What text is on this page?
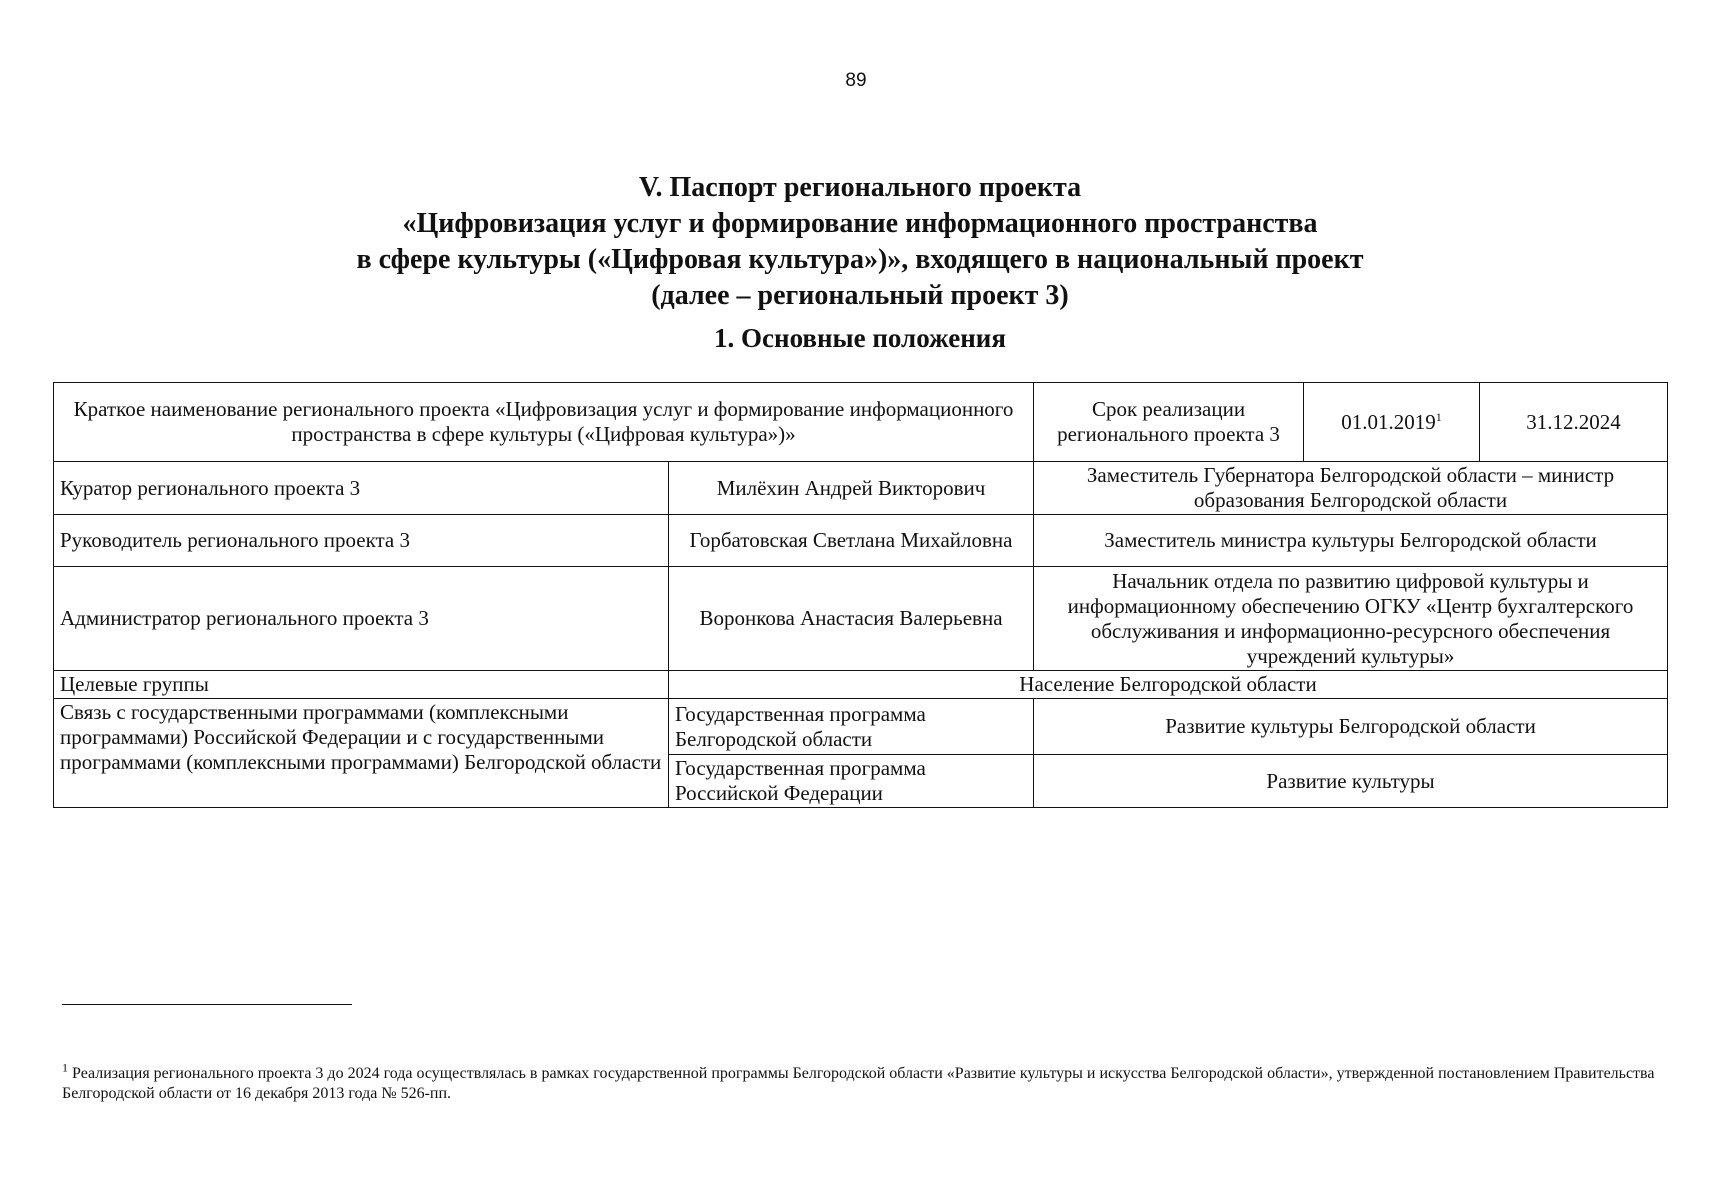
89
V. Паспорт регионального проекта
«Цифровизация услуг и формирование информационного пространства
в сфере культуры («Цифровая культура»)», входящего в национальный проект
(далее – региональный проект 3)
1. Основные положения
Краткое наименование регионального проекта «Цифровизация услуг и формирование информационного пространства в сфере культуры («Цифровая культура»)»		Срок реализации регионального проекта 3	01.01.2019$^1$	31.12.2024
Куратор регионального проекта 3	Милёхин Андрей Викторович	Заместитель Губернатора Белгородской области – министр образования Белгородской области		
Руководитель регионального проекта 3	Горбатовская Светлана Михайловна	Заместитель министра культуры Белгородской области		
Администратор регионального проекта 3	Воронкова Анастасия Валерьевна	Начальник отдела по развитию цифровой культуры и информационному обеспечению ОГКУ «Центр бухгалтерского обслуживания и информационно-ресурсного обеспечения учреждений культуры»		
Целевые группы	Население Белгородской области			
Связь с государственными программами (комплексными программами) Российской Федерации и с государственными программами (комплексными программами) Белгородской области	Государственная программа Белгородской области	Развитие культуры Белгородской области		
	Государственная программа Российской Федерации	Развитие культуры		
$^1$ Реализация регионального проекта 3 до 2024 года осуществлялась в рамках государственной программы Белгородской области «Развитие культуры и искусства Белгородской области», утвержденной постановлением Правительства Белгородской области от 16 декабря 2013 года № 526-пп.
